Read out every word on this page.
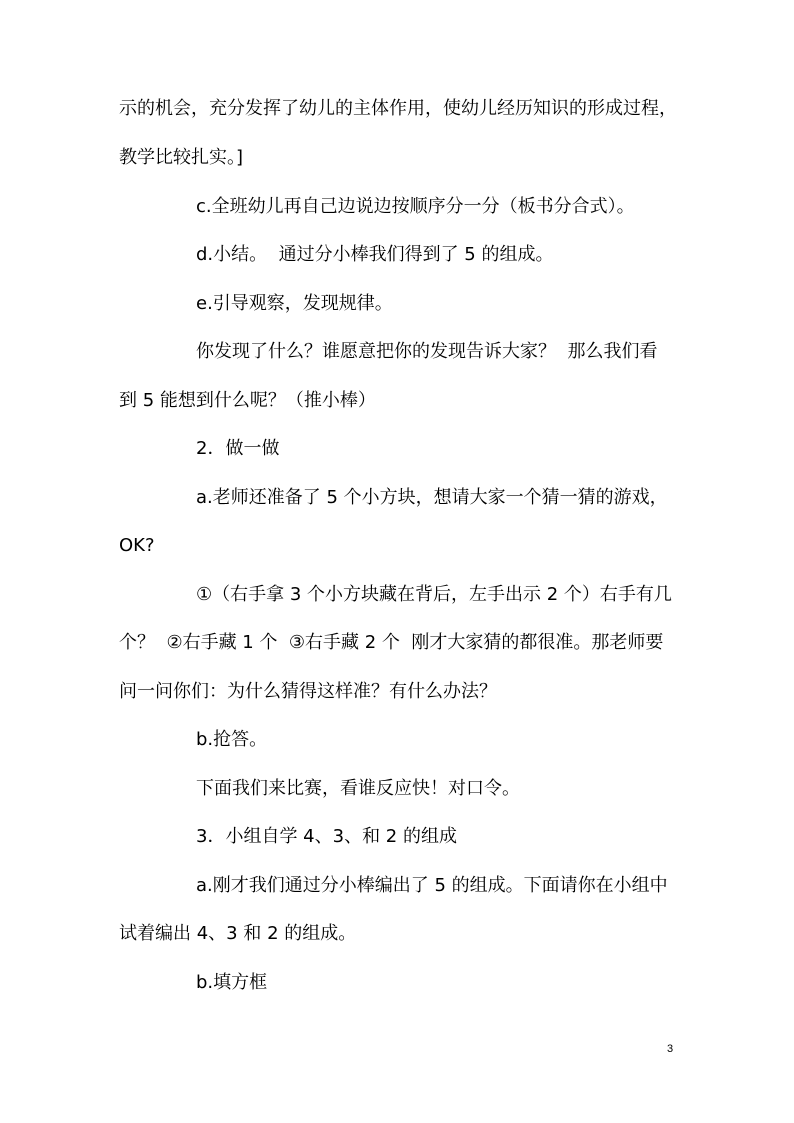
示的机会，充分发挥了幼儿的主体作用，使幼儿经历知识的形成过程，
教学比较扎实。]
c.全班幼儿再自己边说边按顺序分一分（板书分合式）。
d.小结。  通过分小棒我们得到了 5 的组成。
e.引导观察，发现规律。
你发现了什么？谁愿意把你的发现告诉大家？  那么我们看
到 5 能想到什么呢？（推小棒）
2．做一做
a.老师还准备了 5 个小方块，想请大家一个猜一猜的游戏，
OK?
①（右手拿 3 个小方块藏在背后，左手出示 2 个）右手有几
个？  ②右手藏 1 个  ③右手藏 2 个  刚才大家猜的都很准。那老师要
问一问你们：为什么猜得这样准？有什么办法？
b.抢答。
下面我们来比赛，看谁反应快！对口令。
3．小组自学 4、3、和 2 的组成
a.刚才我们通过分小棒编出了 5 的组成。下面请你在小组中
试着编出 4、3 和 2 的组成。
b.填方框
3
